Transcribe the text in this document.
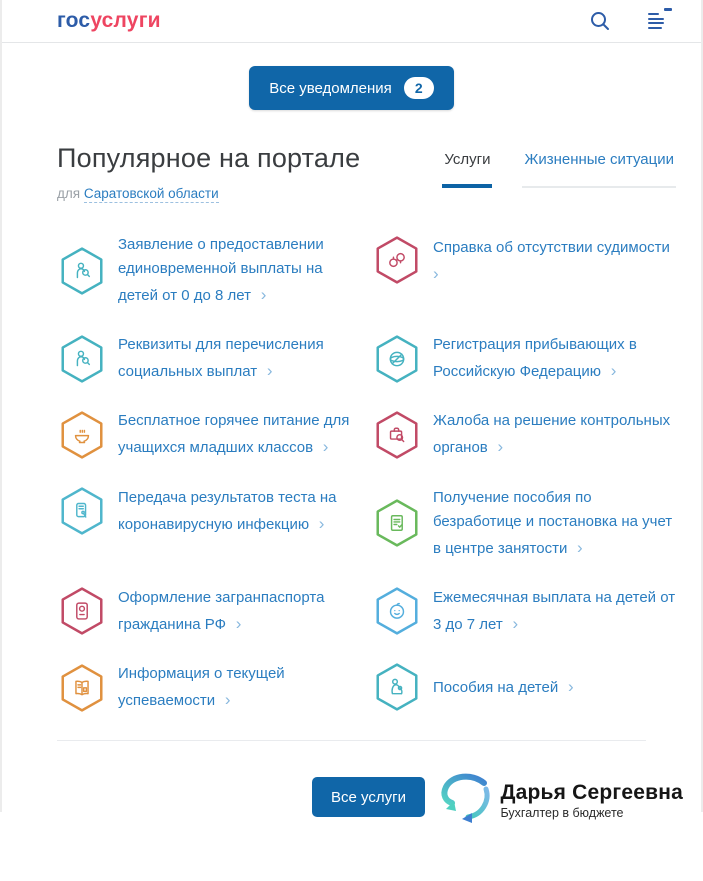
госуслуги
Все уведомления	2
Популярное на портале
для Саратовской области
Услуги Жизненные ситуации
Заявление о предоставлении единовременной выплаты на детей от 0 до 8 лет ›
Справка об отсутствии судимости ›
Реквизиты для перечисления социальных выплат ›
Регистрация прибывающих в Российскую Федерацию ›
Бесплатное горячее питание для учащихся младших классов ›
Жалоба на решение контрольных органов ›
Передача результатов теста на коронавирусную инфекцию ›
Получение пособия по безработице и постановка на учет в центре занятости ›
Оформление загранпаспорта гражданина РФ ›
Ежемесячная выплата на детей от 3 до 7 лет ›
Информация о текущей успеваемости ›
Пособия на детей ›
Все услуги	Дарья Сергеевна
Бухгалтер в бюджете
